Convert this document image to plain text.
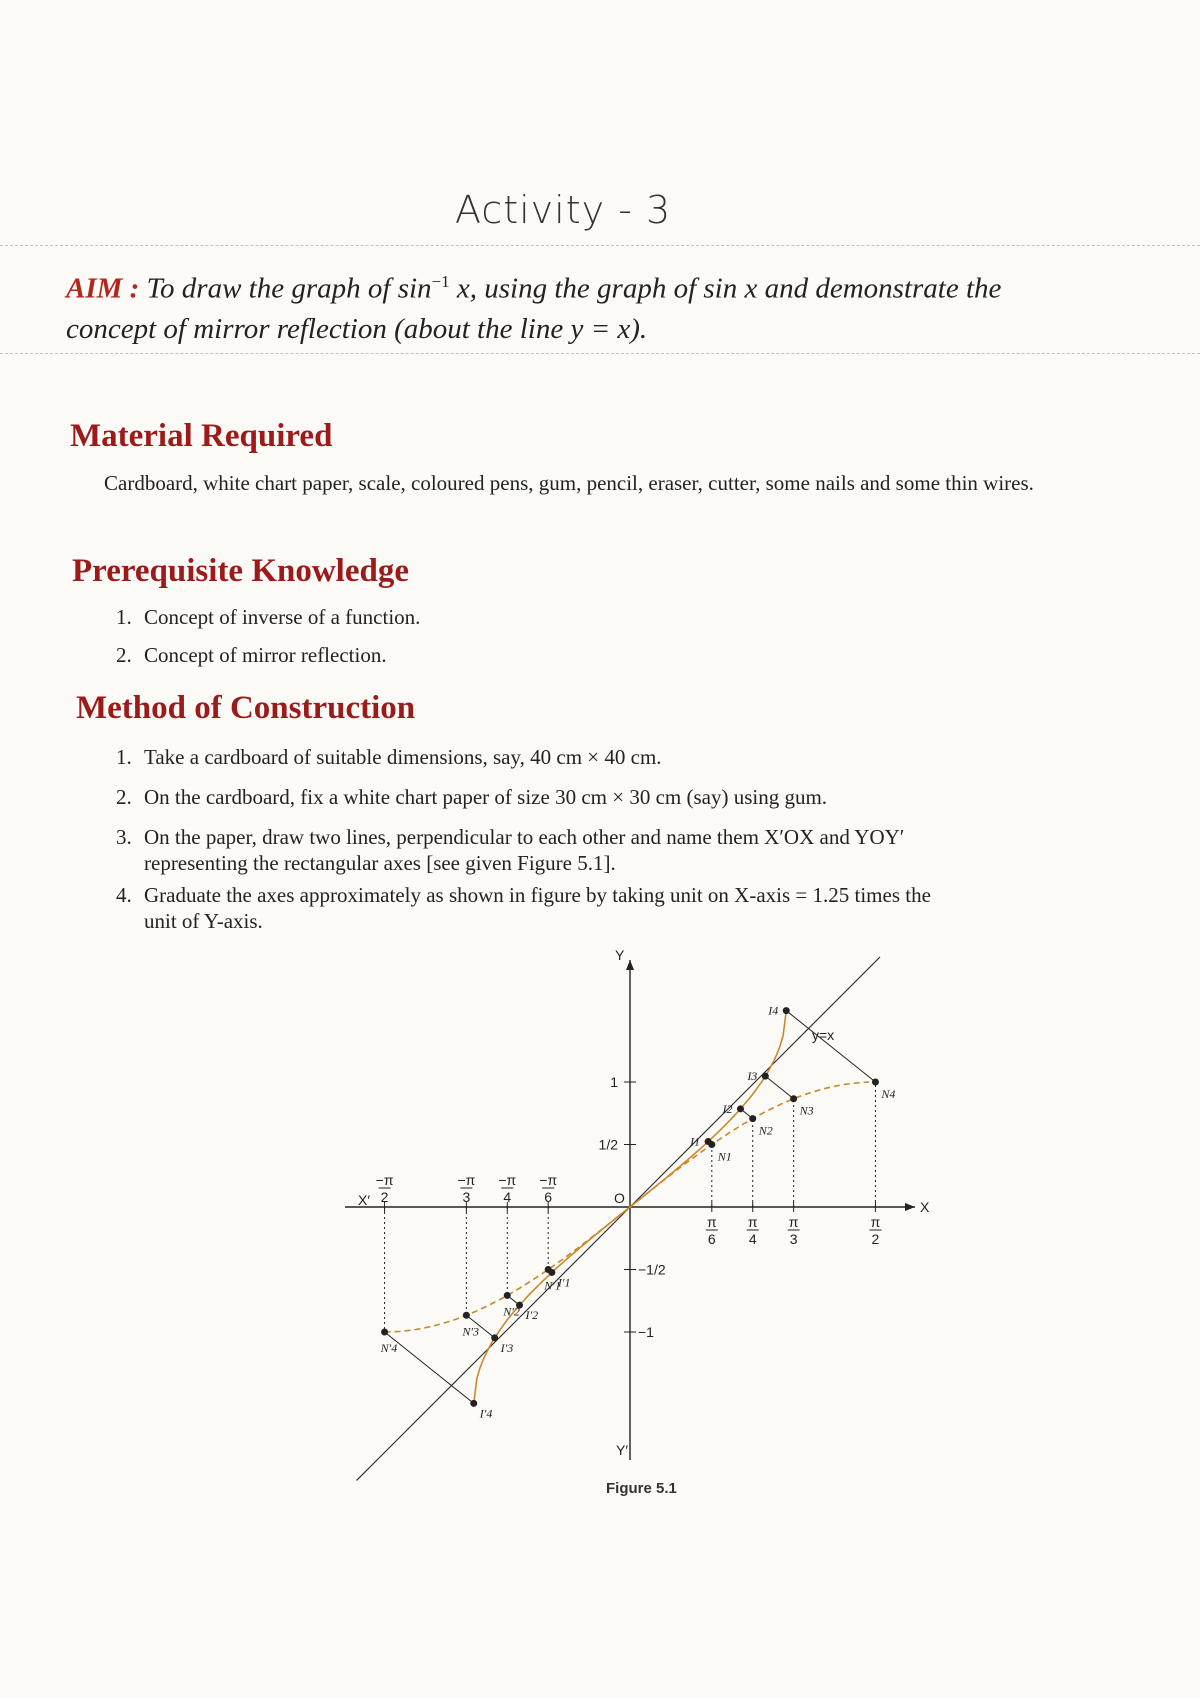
Activity - 3
AIM : To draw the graph of $\sin^{-1} x$, using the graph of sin x and demonstrate the
concept of mirror reflection (about the line y = x).
Material Required
Cardboard, white chart paper, scale, coloured pens, gum, pencil, eraser, cutter, some nails and some thin wires.
Prerequisite Knowledge
1. Concept of inverse of a function.
2. Concept of mirror reflection.
Method of Construction
1. Take a cardboard of suitable dimensions, say, 40 cm × 40 cm.
2. On the cardboard, fix a white chart paper of size 30 cm × 30 cm (say) using gum.
3. On the paper, draw two lines, perpendicular to each other and name them X′OX and YOY′
representing the rectangular axes [see given Figure 5.1].
4. Graduate the axes approximately as shown in figure by taking unit on X-axis = 1.25 times the
unit of Y-axis.
X
X′
Y
Y′
O
1
1/2
−1/2
−1
π
6
π
4
π
3
π
2
−π
2
−π
3
−π
4
−π
6
y=x
N1
I1
N′1
I′1
N2
I2
N′2 I′2
N3
I3
N′3
I′3
N4
I4
N′4
I′4
Figure 5.1
